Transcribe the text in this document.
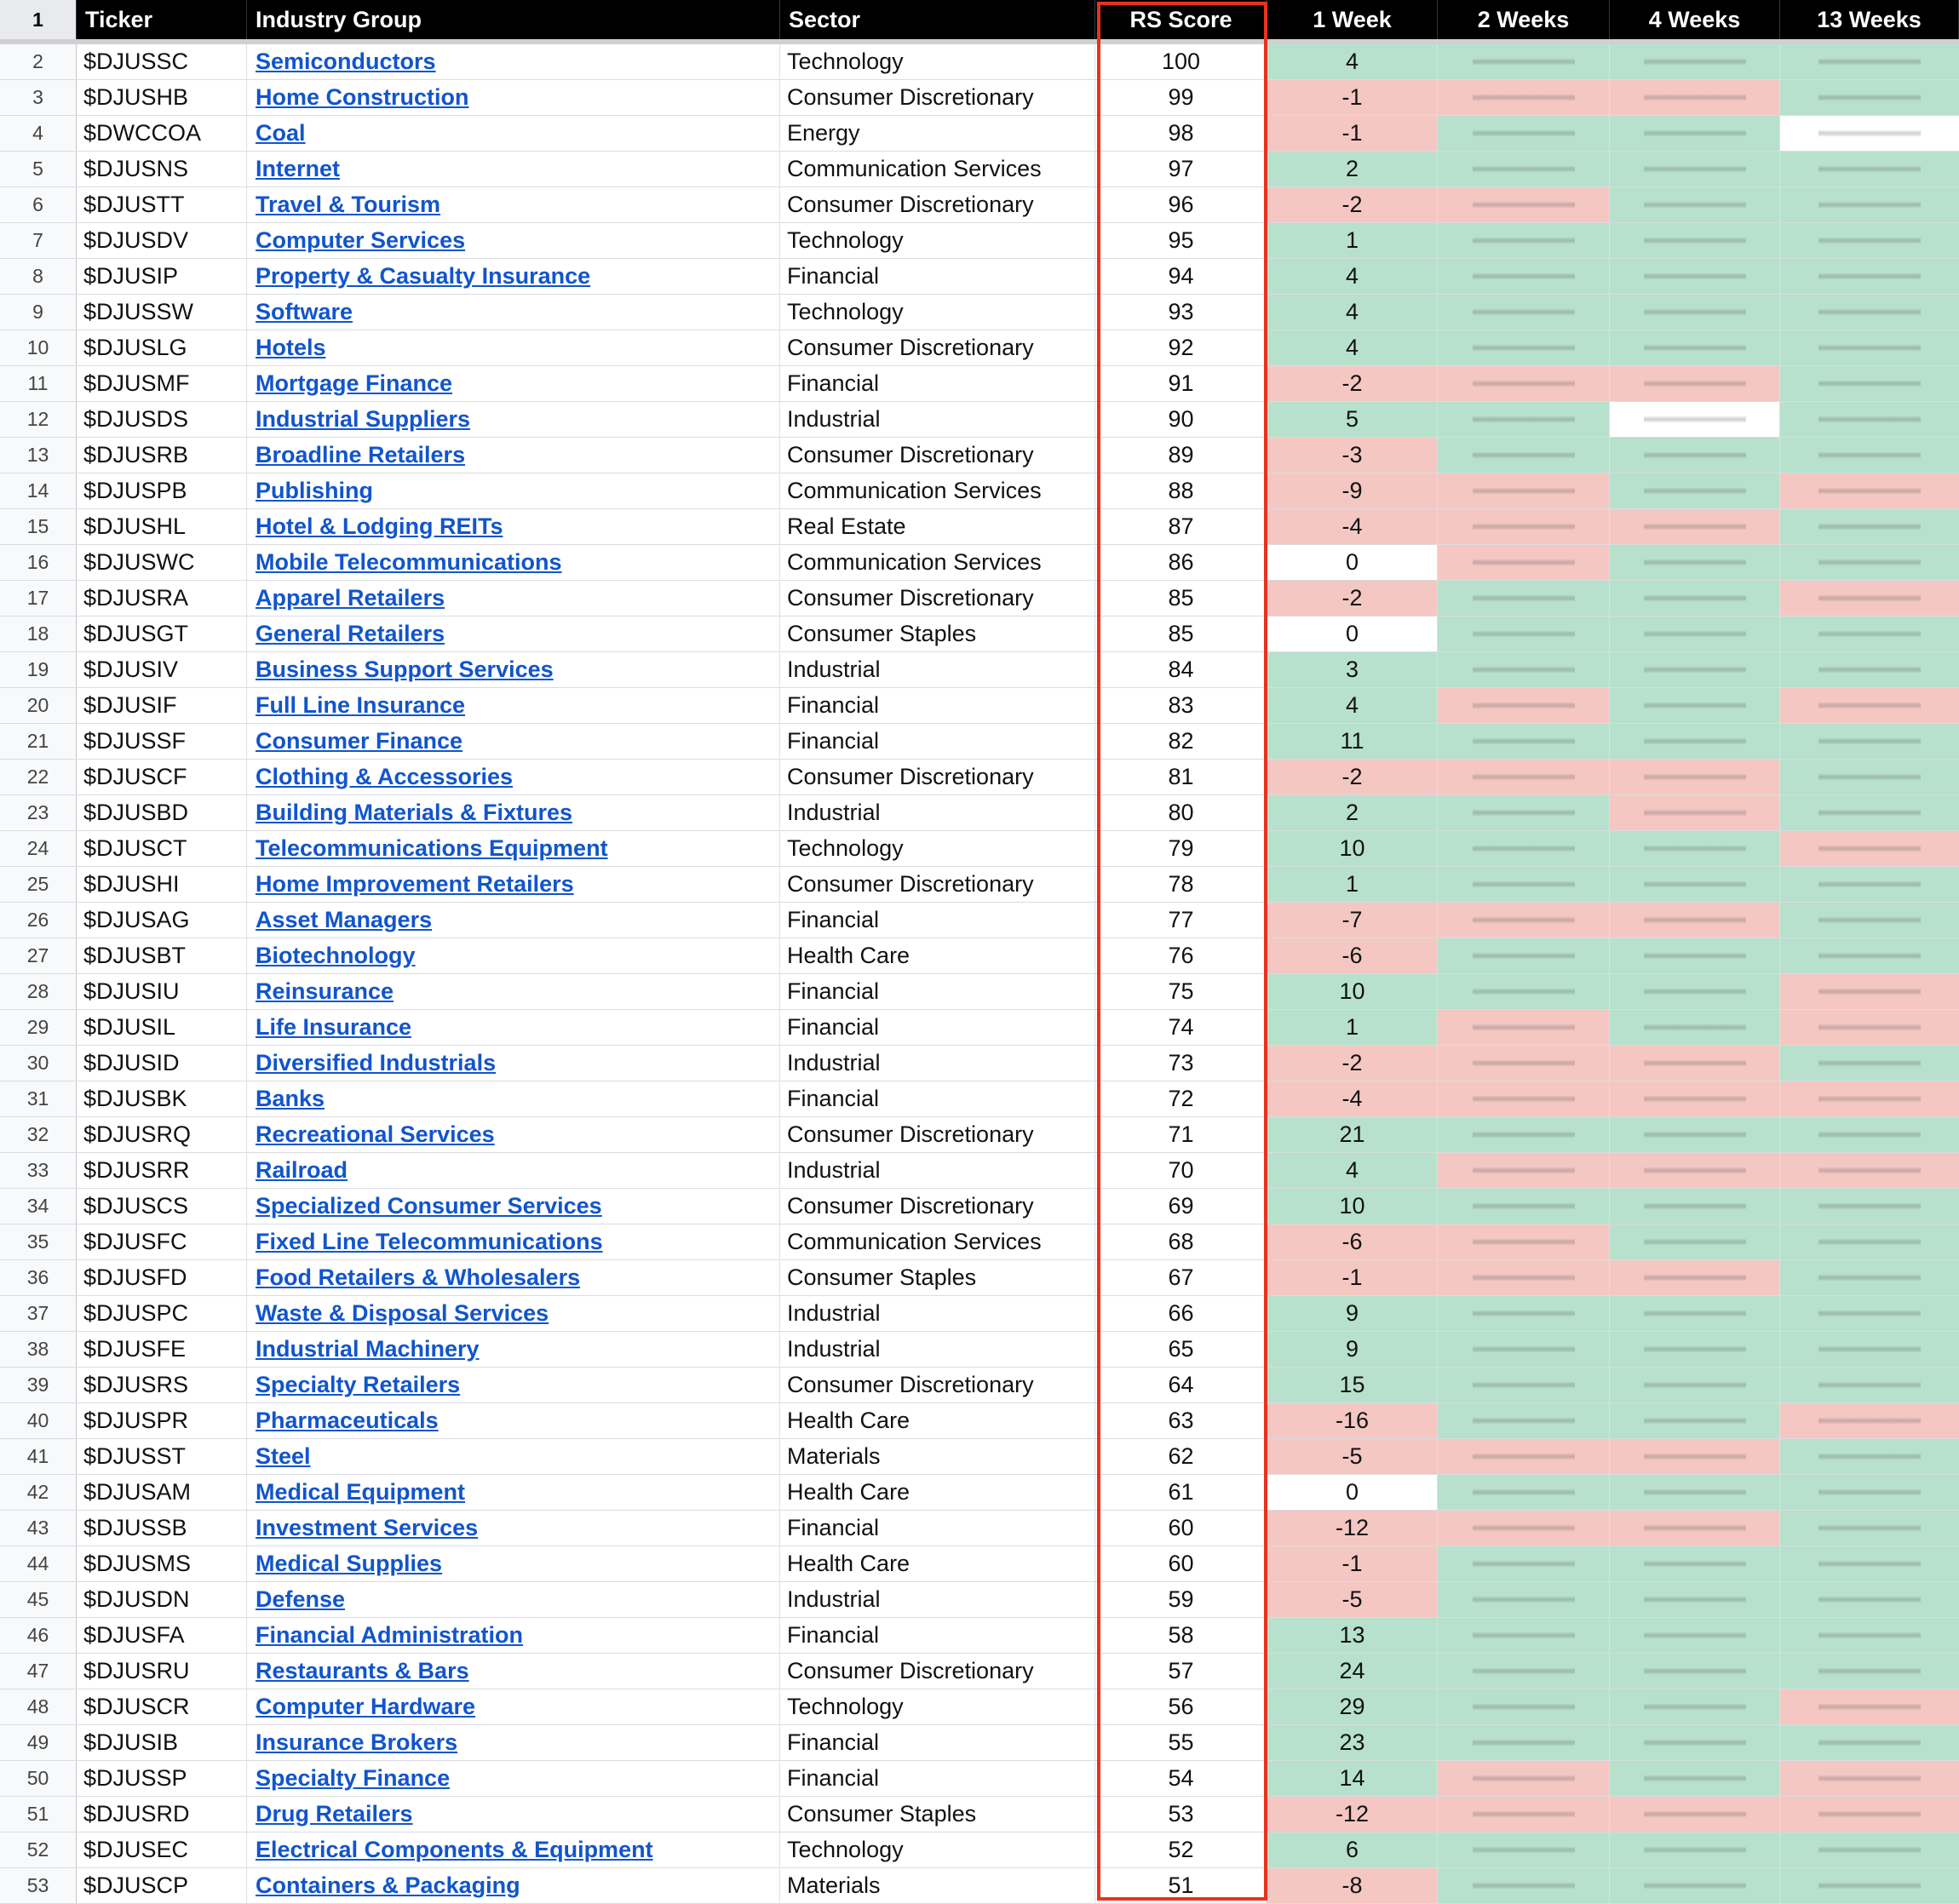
1	Ticker	Industry Group	Sector	RS Score	1 Week	2 Weeks	4 Weeks	13 Weeks
2	$DJUSSC	Semiconductors	Technology	100	4
3	$DJUSHB	Home Construction	Consumer Discretionary	99	-1
4	$DWCCOA	Coal	Energy	98	-1
5	$DJUSNS	Internet	Communication Services	97	2
6	$DJUSTT	Travel & Tourism	Consumer Discretionary	96	-2
7	$DJUSDV	Computer Services	Technology	95	1
8	$DJUSIP	Property & Casualty Insurance	Financial	94	4
9	$DJUSSW	Software	Technology	93	4
10	$DJUSLG	Hotels	Consumer Discretionary	92	4
11	$DJUSMF	Mortgage Finance	Financial	91	-2
12	$DJUSDS	Industrial Suppliers	Industrial	90	5
13	$DJUSRB	Broadline Retailers	Consumer Discretionary	89	-3
14	$DJUSPB	Publishing	Communication Services	88	-9
15	$DJUSHL	Hotel & Lodging REITs	Real Estate	87	-4
16	$DJUSWC	Mobile Telecommunications	Communication Services	86	0
17	$DJUSRA	Apparel Retailers	Consumer Discretionary	85	-2
18	$DJUSGT	General Retailers	Consumer Staples	85	0
19	$DJUSIV	Business Support Services	Industrial	84	3
20	$DJUSIF	Full Line Insurance	Financial	83	4
21	$DJUSSF	Consumer Finance	Financial	82	11
22	$DJUSCF	Clothing & Accessories	Consumer Discretionary	81	-2
23	$DJUSBD	Building Materials & Fixtures	Industrial	80	2
24	$DJUSCT	Telecommunications Equipment	Technology	79	10
25	$DJUSHI	Home Improvement Retailers	Consumer Discretionary	78	1
26	$DJUSAG	Asset Managers	Financial	77	-7
27	$DJUSBT	Biotechnology	Health Care	76	-6
28	$DJUSIU	Reinsurance	Financial	75	10
29	$DJUSIL	Life Insurance	Financial	74	1
30	$DJUSID	Diversified Industrials	Industrial	73	-2
31	$DJUSBK	Banks	Financial	72	-4
32	$DJUSRQ	Recreational Services	Consumer Discretionary	71	21
33	$DJUSRR	Railroad	Industrial	70	4
34	$DJUSCS	Specialized Consumer Services	Consumer Discretionary	69	10
35	$DJUSFC	Fixed Line Telecommunications	Communication Services	68	-6
36	$DJUSFD	Food Retailers & Wholesalers	Consumer Staples	67	-1
37	$DJUSPC	Waste & Disposal Services	Industrial	66	9
38	$DJUSFE	Industrial Machinery	Industrial	65	9
39	$DJUSRS	Specialty Retailers	Consumer Discretionary	64	15
40	$DJUSPR	Pharmaceuticals	Health Care	63	-16
41	$DJUSST	Steel	Materials	62	-5
42	$DJUSAM	Medical Equipment	Health Care	61	0
43	$DJUSSB	Investment Services	Financial	60	-12
44	$DJUSMS	Medical Supplies	Health Care	60	-1
45	$DJUSDN	Defense	Industrial	59	-5
46	$DJUSFA	Financial Administration	Financial	58	13
47	$DJUSRU	Restaurants & Bars	Consumer Discretionary	57	24
48	$DJUSCR	Computer Hardware	Technology	56	29
49	$DJUSIB	Insurance Brokers	Financial	55	23
50	$DJUSSP	Specialty Finance	Financial	54	14
51	$DJUSRD	Drug Retailers	Consumer Staples	53	-12
52	$DJUSEC	Electrical Components & Equipment	Technology	52	6
53	$DJUSCP	Containers & Packaging	Materials	51	-8
